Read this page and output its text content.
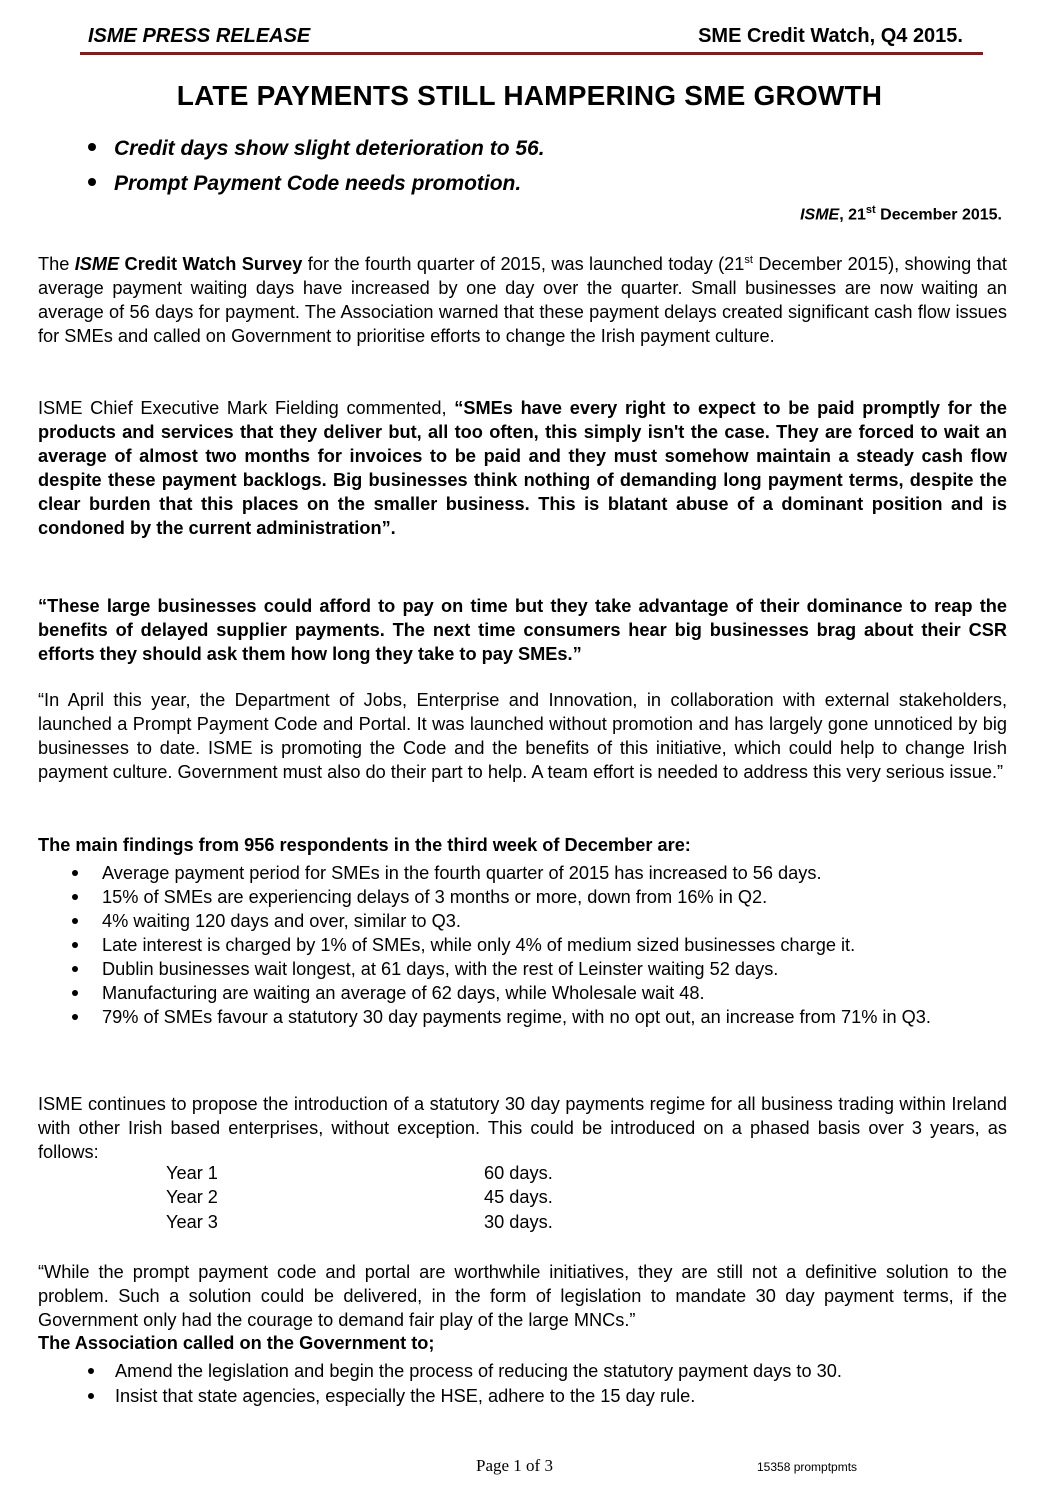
ISME PRESS RELEASE	SME Credit Watch, Q4 2015.
LATE PAYMENTS STILL HAMPERING SME GROWTH
Credit days show slight deterioration to 56.
Prompt Payment Code needs promotion.
ISME, 21st December 2015.
The ISME Credit Watch Survey for the fourth quarter of 2015, was launched today (21st December 2015), showing that average payment waiting days have increased by one day over the quarter. Small businesses are now waiting an average of 56 days for payment. The Association warned that these payment delays created significant cash flow issues for SMEs and called on Government to prioritise efforts to change the Irish payment culture.
ISME Chief Executive Mark Fielding commented, “SMEs have every right to expect to be paid promptly for the products and services that they deliver but, all too often, this simply isn't the case. They are forced to wait an average of almost two months for invoices to be paid and they must somehow maintain a steady cash flow despite these payment backlogs. Big businesses think nothing of demanding long payment terms, despite the clear burden that this places on the smaller business. This is blatant abuse of a dominant position and is condoned by the current administration”.
“These large businesses could afford to pay on time but they take advantage of their dominance to reap the benefits of delayed supplier payments. The next time consumers hear big businesses brag about their CSR efforts they should ask them how long they take to pay SMEs.”
“In April this year, the Department of Jobs, Enterprise and Innovation, in collaboration with external stakeholders, launched a Prompt Payment Code and Portal. It was launched without promotion and has largely gone unnoticed by big businesses to date. ISME is promoting the Code and the benefits of this initiative, which could help to change Irish payment culture. Government must also do their part to help. A team effort is needed to address this very serious issue.”
The main findings from 956 respondents in the third week of December are:
Average payment period for SMEs in the fourth quarter of 2015 has increased to 56 days.
15% of SMEs are experiencing delays of 3 months or more, down from 16% in Q2.
4% waiting 120 days and over, similar to Q3.
Late interest is charged by 1% of SMEs, while only 4% of medium sized businesses charge it.
Dublin businesses wait longest, at 61 days, with the rest of Leinster waiting 52 days.
Manufacturing are waiting an average of 62 days, while Wholesale wait 48.
79% of SMEs favour a statutory 30 day payments regime, with no opt out, an increase from 71% in Q3.
ISME continues to propose the introduction of a statutory 30 day payments regime for all business trading within Ireland with other Irish based enterprises, without exception. This could be introduced on a phased basis over 3 years, as follows:
Year 1	60 days.
Year 2	45 days.
Year 3	30 days.
“While the prompt payment code and portal are worthwhile initiatives, they are still not a definitive solution to the problem. Such a solution could be delivered, in the form of legislation to mandate 30 day payment terms, if the Government only had the courage to demand fair play of the large MNCs.”
The Association called on the Government to;
Amend the legislation and begin the process of reducing the statutory payment days to 30.
Insist that state agencies, especially the HSE, adhere to the 15 day rule.
Page 1 of 3	15358 promptpmts
